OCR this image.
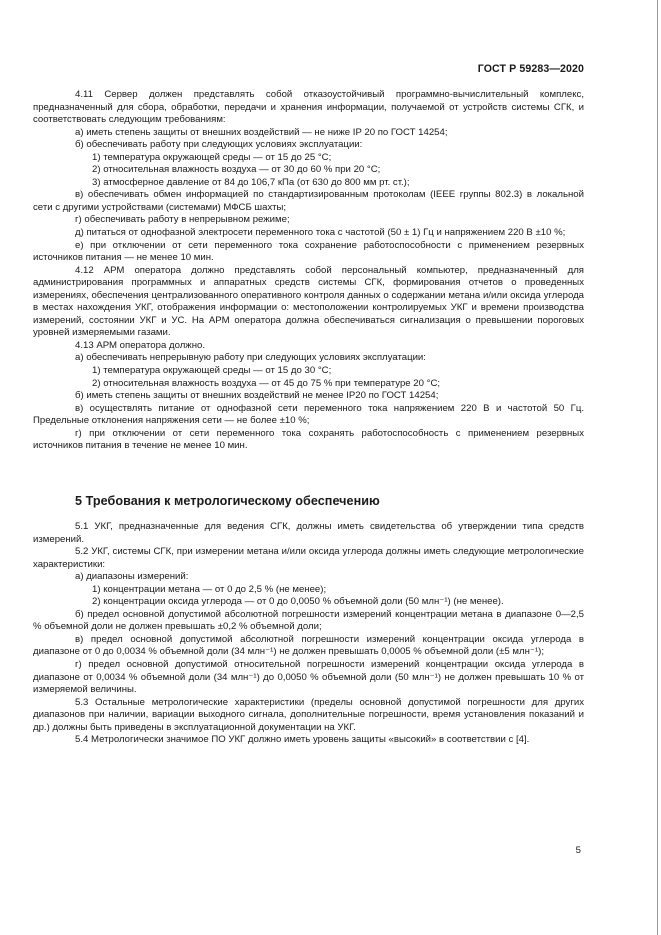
ГОСТ Р 59283—2020
4.11 Сервер должен представлять собой отказоустойчивый программно-вычислительный комплекс, предназначенный для сбора, обработки, передачи и хранения информации, получаемой от устройств системы СГК, и соответствовать следующим требованиям:
а) иметь степень защиты от внешних воздействий — не ниже IP 20 по ГОСТ 14254;
б) обеспечивать работу при следующих условиях эксплуатации:
1) температура окружающей среды — от 15 до 25 °С;
2) относительная влажность воздуха — от 30 до 60 % при 20 °С;
3) атмосферное давление от 84 до 106,7 кПа (от 630 до 800 мм рт. ст.);
в) обеспечивать обмен информацией по стандартизированным протоколам (IEEE группы 802.3) в локальной сети с другими устройствами (системами) МФСБ шахты;
г) обеспечивать работу в непрерывном режиме;
д) питаться от однофазной электросети переменного тока с частотой (50 ± 1) Гц и напряжением 220 В ±10 %;
е) при отключении от сети переменного тока сохранение работоспособности с применением резервных источников питания — не менее 10 мин.
4.12 АРМ оператора должно представлять собой персональный компьютер, предназначенный для администрирования программных и аппаратных средств системы СГК, формирования отчетов о проведенных измерениях, обеспечения централизованного оперативного контроля данных о содержании метана и/или оксида углерода в местах нахождения УКГ, отображения информации о: местоположении контролируемых УКГ и времени производства измерений, состоянии УКГ и УС. На АРМ оператора должна обеспечиваться сигнализация о превышении пороговых уровней измеряемыми газами.
4.13 АРМ оператора должно.
а) обеспечивать непрерывную работу при следующих условиях эксплуатации:
1) температура окружающей среды — от 15 до 30 °С;
2) относительная влажность воздуха — от 45 до 75 % при температуре 20 °С;
б) иметь степень защиты от внешних воздействий не менее IP20 по ГОСТ 14254;
в) осуществлять питание от однофазной сети переменного тока напряжением 220 В и частотой 50 Гц. Предельные отклонения напряжения сети — не более ±10 %;
г) при отключении от сети переменного тока сохранять работоспособность с применением резервных источников питания в течение не менее 10 мин.
5 Требования к метрологическому обеспечению
5.1 УКГ, предназначенные для ведения СГК, должны иметь свидетельства об утверждении типа средств измерений.
5.2 УКГ, системы СГК, при измерении метана и/или оксида углерода должны иметь следующие метрологические характеристики:
а) диапазоны измерений:
1) концентрации метана — от 0 до 2,5 % (не менее);
2) концентрации оксида углерода — от 0 до 0,0050 % объемной доли (50 млн⁻¹) (не менее).
б) предел основной допустимой абсолютной погрешности измерений концентрации метана в диапазоне 0—2,5 % объемной доли не должен превышать ±0,2 % объемной доли;
в) предел основной допустимой абсолютной погрешности измерений концентрации оксида углерода в диапазоне от 0 до 0,0034 % объемной доли (34 млн⁻¹) не должен превышать 0,0005 % объемной доли (±5 млн⁻¹);
г) предел основной допустимой относительной погрешности измерений концентрации оксида углерода в диапазоне от 0,0034 % объемной доли (34 млн⁻¹) до 0,0050 % объемной доли (50 млн⁻¹) не должен превышать 10 % от измеряемой величины.
5.3 Остальные метрологические характеристики (пределы основной допустимой погрешности для других диапазонов при наличии, вариации выходного сигнала, дополнительные погрешности, время установления показаний и др.) должны быть приведены в эксплуатационной документации на УКГ.
5.4 Метрологически значимое ПО УКГ должно иметь уровень защиты «высокий» в соответствии с [4].
5
